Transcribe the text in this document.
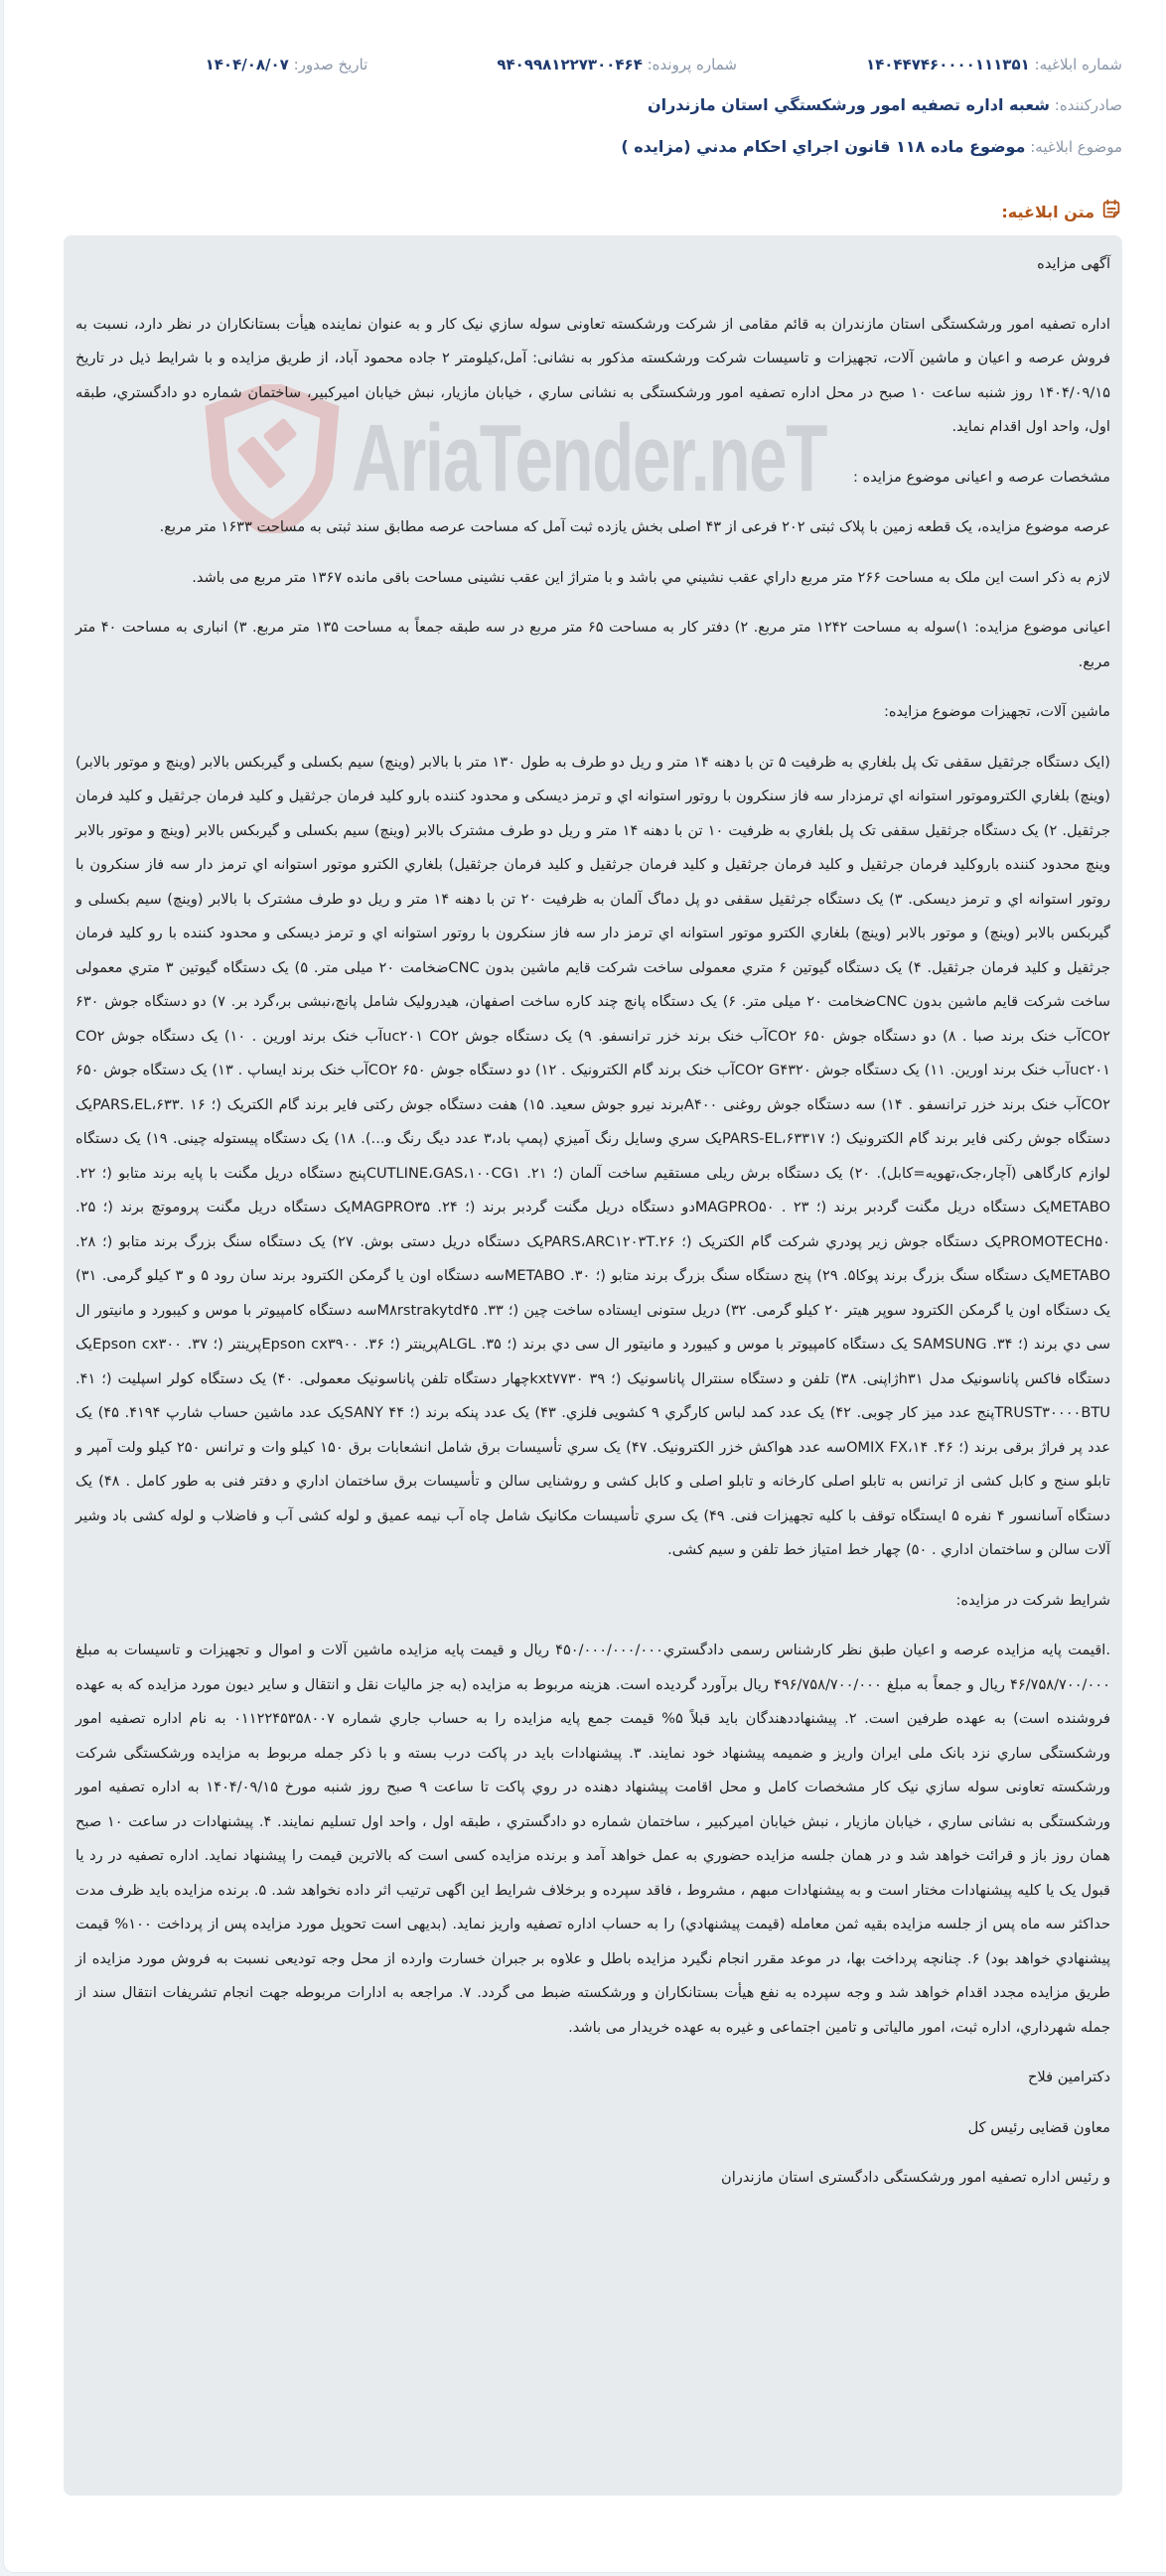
شماره ابلاغیه: ۱۴۰۴۴۷۴۶۰۰۰۰۱۱۱۳۵۱
شماره پرونده: ۹۴۰۹۹۸۱۲۲۷۳۰۰۴۶۴
تاریخ صدور: ۱۴۰۴/۰۸/۰۷
صادرکننده: شعبه اداره تصفیه امور ورشکستگي استان مازندران
موضوع ابلاغیه: موضوع ماده ۱۱۸ قانون اجراي احکام مدني (مزايده )
متن ابلاغیه:
AriaTender.neT

آگهی مزایده

اداره تصفیه امور ورشکستگی استان مازندران به قائم مقامی از شرکت ورشکسته تعاونی سوله سازي نیک کار و به عنوان نماینده هیأت بستانکاران در نظر دارد، نسبت به فروش عرصه و اعیان و ماشین آلات، تجهیزات و تاسیسات شرکت ورشکسته مذکور به نشانی: آمل،کیلومتر ۲ جاده محمود آباد، از طریق مزایده و با شرایط ذیل در تاریخ ۱۴۰۴/۰۹/۱۵ روز شنبه ساعت ۱۰ صبح در محل اداره تصفیه امور ورشکستگی به نشانی ساري ، خیابان مازیار، نبش خیابان امیرکبیر، ساختمان شماره دو دادگستري، طبقه اول، واحد اول اقدام نماید.

مشخصات عرصه و اعیانی موضوع مزایده :

عرصه موضوع مزایده، یک قطعه زمین با پلاک ثبتی ۲۰۲ فرعی از ۴۳ اصلی بخش یازده ثبت آمل که مساحت عرصه مطابق سند ثبتی به مساحت ۱۶۳۳ متر مربع.

لازم به ذکر است این ملک به مساحت ۲۶۶ متر مربع داراي عقب نشيني مي باشد و با متراژ این عقب نشینی مساحت باقی مانده ۱۳۶۷ متر مربع می باشد.

اعیانی موضوع مزایده: ۱)سوله به مساحت ۱۲۴۲ متر مربع. ۲) دفتر کار به مساحت ۶۵ متر مربع در سه طبقه جمعاً به مساحت ۱۳۵ متر مربع. ۳) انباری به مساحت ۴۰ متر مربع.

ماشین آلات، تجهیزات موضوع مزایده:

(ایک دستگاه جرثقیل سقفی تک پل بلغاري به ظرفیت ۵ تن با دهنه ۱۴ متر و ریل دو طرف به طول ۱۳۰ متر با بالابر (وینچ) سیم بکسلی و گیربکس بالابر (وینچ و موتور بالابر) (وینچ) بلغاري الکتروموتور استوانه اي ترمزدار سه فاز سنکرون با روتور استوانه اي و ترمز دیسکی و محدود کننده بارو کلید فرمان جرثقیل و کلید فرمان جرثقیل و کلید فرمان جرثقیل. ۲) یک دستگاه جرثقیل سقفی تک پل بلغاري به ظرفیت ۱۰ تن با دهنه ۱۴ متر و ریل دو طرف مشترک بالابر (وینچ) سیم بکسلی و گیربکس بالابر (وینچ و موتور بالابر وینچ محدود کننده باروکلید فرمان جرثقیل و کلید فرمان جرثقیل و کلید فرمان جرثقیل و کلید فرمان جرثقیل) بلغاري الکترو موتور استوانه اي ترمز دار سه فاز سنکرون با روتور استوانه اي و ترمز دیسکی. ۳) یک دستگاه جرثقیل سقفی دو پل دماگ آلمان به ظرفیت ۲۰ تن با دهنه ۱۴ متر و ریل دو طرف مشترک با بالابر (وینچ) سیم بکسلی و گیربکس بالابر (وینچ) و موتور بالابر (وینچ) بلغاري الکترو موتور استوانه اي ترمز دار سه فاز سنکرون با روتور استوانه اي و ترمز دیسکی و محدود کننده با رو کلید فرمان جرثقیل و کلید فرمان جرثقیل. ۴) یک دستگاه گیوتین ۶ متري معمولی ساخت شرکت قایم ماشین بدون CNCضخامت ۲۰ میلی متر. ۵) یک دستگاه گیوتین ۳ متري معمولی ساخت شرکت قایم ماشین بدون CNCضخامت ۲۰ میلی متر. ۶) یک دستگاه پانچ چند کاره ساخت اصفهان، هیدرولیک شامل پانچ،نبشی بر،گرد بر. ۷) دو دستگاه جوش ۶۳۰ CO۲آب خنک برند صبا . ۸) دو دستگاه جوش ۶۵۰ CO۲آب خنک برند خزر ترانسفو. ۹) یک دستگاه جوش uc۲۰۱ CO۲آب خنک برند اورین . ۱۰) یک دستگاه جوش CO۲ uc۲۰۱آب خنک برند اورین. ۱۱) یک دستگاه جوش CO۲ G۴۳۲۰آب خنک برند گام الکترونیک . ۱۲) دو دستگاه جوش ۶۵۰ CO۲آب خنک برند ایساپ . ۱۳) یک دستگاه جوش ۶۵۰ CO۲آب خنک برند خزر ترانسفو . ۱۴) سه دستگاه جوش روغنی A۴۰۰برند نیرو جوش سعید. ۱۵) هفت دستگاه جوش رکتی فایر برند گام الکتریک (؛ ۱۶ .PARS،EL،۶۳۳یک دستگاه جوش رکنی فایر برند گام الکترونیک (؛ PARS-EL،۶۳۳۱۷یک سري وسایل رنگ آمیزي (پمپ باد،۳ عدد دیگ رنگ و...). ۱۸) یک دستگاه پیستوله چینی. ۱۹) یک دستگاه لوازم کارگاهی (آچار،جک،تهویه=کابل). ۲۰) یک دستگاه برش ریلی مستقیم ساخت آلمان (؛ ۲۱. CUTLINE،GAS،۱۰۰CG۱پنج دستگاه دریل مگنت با پایه برند متابو (؛ ۲۲. METABOیک دستگاه دریل مگنت گردبر برند (؛ ۲۳ . MAGPRO۵۰دو دستگاه دریل مگنت گردبر برند (؛ ۲۴. MAGPRO۳۵یک دستگاه دریل مگنت پروموتچ برند (؛ ۲۵. PROMOTECH۵۰یک دستگاه جوش زیر پودري شرکت گام الکتریک (؛ ۲۶.PARS،ARC۱۲۰۳Tیک دستگاه دریل دستی بوش. ۲۷) یک دستگاه سنگ بزرگ برند متابو (؛ ۲۸. METABOیک دستگاه سنگ بزرگ برند پوکا۵. ۲۹) پنج دستگاه سنگ بزرگ برند متابو (؛ ۳۰. METABOسه دستگاه اون یا گرمکن الکترود برند سان رود ۵ و ۳ کیلو گرمی. ۳۱) یک دستگاه اون یا گرمکن الکترود سوپر هیتر ۲۰ کیلو گرمی. ۳۲) دریل ستونی ایستاده ساخت چین (؛ ۳۳. M۸rstrakytd۴۵سه دستگاه کامپیوتر با موس و کیبورد و مانیتور ال سی دي برند (؛ ۳۴. SAMSUNG یک دستگاه کامپیوتر با موس و کیبورد و مانیتور ال سی دي برند (؛ ۳۵. ALGLپرینتر (؛ ۳۶. Epson cx۳۹۰۰پرینتر (؛ ۳۷. Epson cx۳۰۰یک دستگاه فاکس پاناسونیک مدل h۳۱ژاپنی. ۳۸) تلفن و دستگاه سنترال پاناسونیک (؛ ۳۹ kxt۷۷۳۰چهار دستگاه تلفن پاناسونیک معمولی. ۴۰) یک دستگاه کولر اسپلیت (؛ ۴۱. TRUST۳۰۰۰۰BTUپنج عدد میز کار چوبی. ۴۲) یک عدد کمد لباس کارگري ۹ کشویی فلزي. ۴۳) یک عدد پنکه برند (؛ SANY ۴۴یک عدد ماشین حساب شارپ ۴۱۹۴. ۴۵) یک عدد پر فراژ برقی برند (؛ ۴۶. OMIX FX،۱۴سه عدد هواکش خزر الکترونیک. ۴۷) یک سري تأسیسات برق شامل انشعابات برق ۱۵۰ کیلو وات و ترانس ۲۵۰ کیلو ولت آمپر و تابلو سنج و کابل کشی از ترانس به تابلو اصلی کارخانه و تابلو اصلی و کابل کشی و روشنایی سالن و تأسیسات برق ساختمان اداري و دفتر فنی به طور کامل . ۴۸) یک دستگاه آسانسور ۴ نفره ۵ ایستگاه توقف با کلیه تجهیزات فنی. ۴۹) یک سري تأسیسات مکانیک شامل چاه آب نیمه عمیق و لوله کشی آب و فاضلاب و لوله کشی باد وشیر آلات سالن و ساختمان اداري . ۵۰) چهار خط امتیاز خط تلفن و سیم کشی.

شرایط شرکت در مزایده:

.اقیمت پایه مزایده عرصه و اعیان طبق نظر کارشناس رسمی دادگستري۴۵۰/۰۰۰/۰۰۰/۰۰۰ ریال و قیمت پایه مزایده ماشین آلات و اموال و تجهیزات و تاسیسات به مبلغ ۴۶/۷۵۸/۷۰۰/۰۰۰ ریال و جمعاً به مبلغ ۴۹۶/۷۵۸/۷۰۰/۰۰۰ ریال برآورد گردیده است. هزینه مربوط به مزایده (به جز مالیات نقل و انتقال و سایر دیون مورد مزایده که به عهده فروشنده است) به عهده طرفین است. ۲. پیشنهاددهندگان باید قبلاً ۵% قیمت جمع پایه مزایده را به حساب جاري شماره ۰۱۱۲۲۴۵۳۵۸۰۰۷ به نام اداره تصفیه امور ورشکستگی ساري نزد بانک ملی ایران واریز و ضمیمه پیشنهاد خود نمایند. ۳. پیشنهادات باید در پاکت درب بسته و با ذکر جمله مربوط به مزایده ورشکستگی شرکت ورشکسته تعاونی سوله سازي نیک کار مشخصات کامل و محل اقامت پیشنهاد دهنده در روي پاکت تا ساعت ۹ صبح روز شنبه مورخ ۱۴۰۴/۰۹/۱۵ به اداره تصفیه امور ورشکستگی به نشانی ساري ، خیابان مازیار ، نبش خیابان امیرکبیر ، ساختمان شماره دو دادگستري ، طبقه اول ، واحد اول تسلیم نمایند. ۴. پیشنهادات در ساعت ۱۰ صبح همان روز باز و قرائت خواهد شد و در همان جلسه مزایده حضوري به عمل خواهد آمد و برنده مزایده کسی است که بالاترین قیمت را پیشنهاد نماید. اداره تصفیه در رد یا قبول یک یا کلیه پیشنهادات مختار است و به پیشنهادات مبهم ، مشروط ، فاقد سپرده و برخلاف شرایط این اگهی ترتیب اثر داده نخواهد شد. ۵. برنده مزایده باید ظرف مدت حداکثر سه ماه پس از جلسه مزایده بقیه ثمن معامله (قیمت پیشنهادي) را به حساب اداره تصفیه واریز نماید. (بدیهی است تحویل مورد مزایده پس از پرداخت ۱۰۰% قیمت پیشنهادي خواهد بود) ۶. چنانچه پرداخت بها، در موعد مقرر انجام نگیرد مزایده باطل و علاوه بر جبران خسارت وارده از محل وجه تودیعی نسبت به فروش مورد مزایده از طریق مزایده مجدد اقدام خواهد شد و وجه سپرده به نفع هیأت بستانکاران و ورشکسته ضبط می گردد. ۷. مراجعه به ادارات مربوطه جهت انجام تشریفات انتقال سند از جمله شهرداري، اداره ثبت، امور مالیاتی و تامین اجتماعی و غیره به عهده خریدار می باشد.

دکترامین فلاح

معاون قضایی رئیس کل

و رئیس اداره تصفیه امور ورشکستگی دادگستری استان مازندران
